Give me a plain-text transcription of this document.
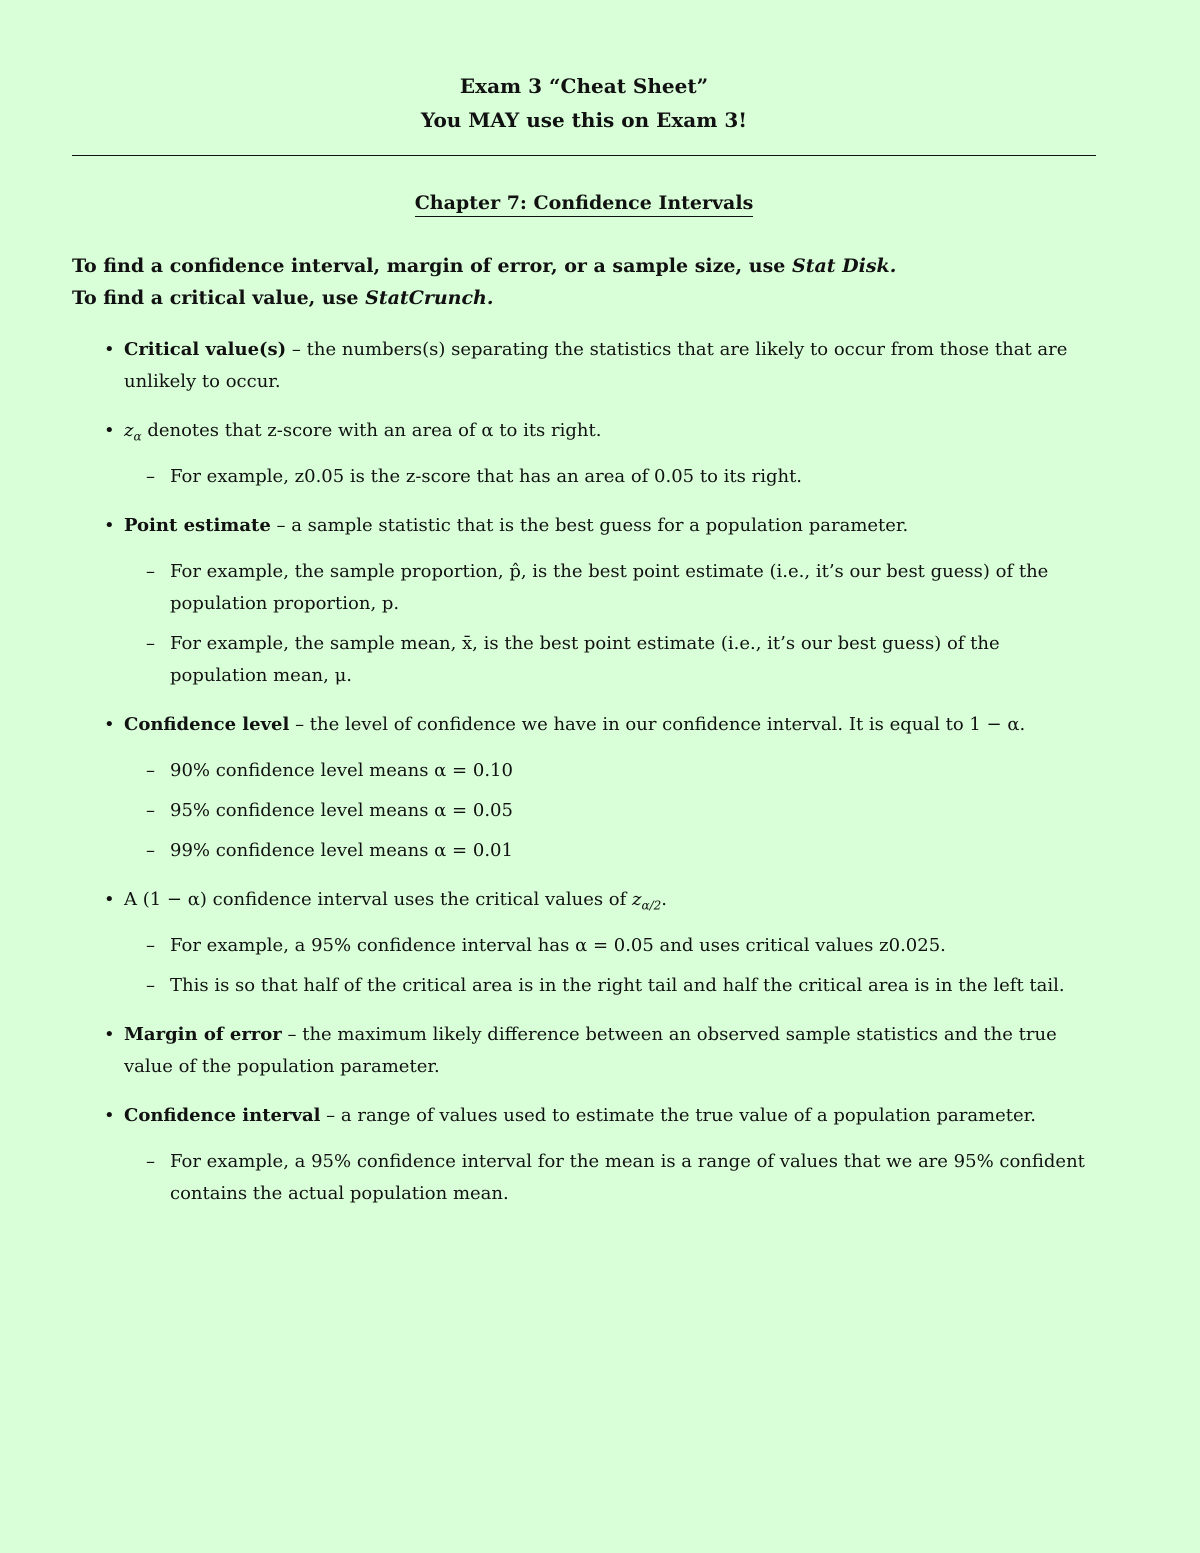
Exam 3 “Cheat Sheet”
You MAY use this on Exam 3!
Chapter 7: Confidence Intervals
To find a confidence interval, margin of error, or a sample size, use Stat Disk.
To find a critical value, use StatCrunch.
• Critical value(s) – the numbers(s) separating the statistics that are likely to occur from those that are unlikely to occur.
• $z_\alpha$ denotes that z-score with an area of α to its right.
– For example, z0.05 is the z-score that has an area of 0.05 to its right.
• Point estimate – a sample statistic that is the best guess for a population parameter.
– For example, the sample proportion, p̂, is the best point estimate (i.e., it’s our best guess) of the population proportion, p.
– For example, the sample mean, x̄, is the best point estimate (i.e., it’s our best guess) of the population mean, μ.
• Confidence level – the level of confidence we have in our confidence interval. It is equal to 1 − α.
– 90% confidence level means α = 0.10
– 95% confidence level means α = 0.05
– 99% confidence level means α = 0.01
• A (1 − α) confidence interval uses the critical values of $z_{\alpha/2}$.
– For example, a 95% confidence interval has α = 0.05 and uses critical values z0.025.
– This is so that half of the critical area is in the right tail and half the critical area is in the left tail.
• Margin of error – the maximum likely difference between an observed sample statistics and the true value of the population parameter.
• Confidence interval – a range of values used to estimate the true value of a population parameter.
– For example, a 95% confidence interval for the mean is a range of values that we are 95% confident contains the actual population mean.
